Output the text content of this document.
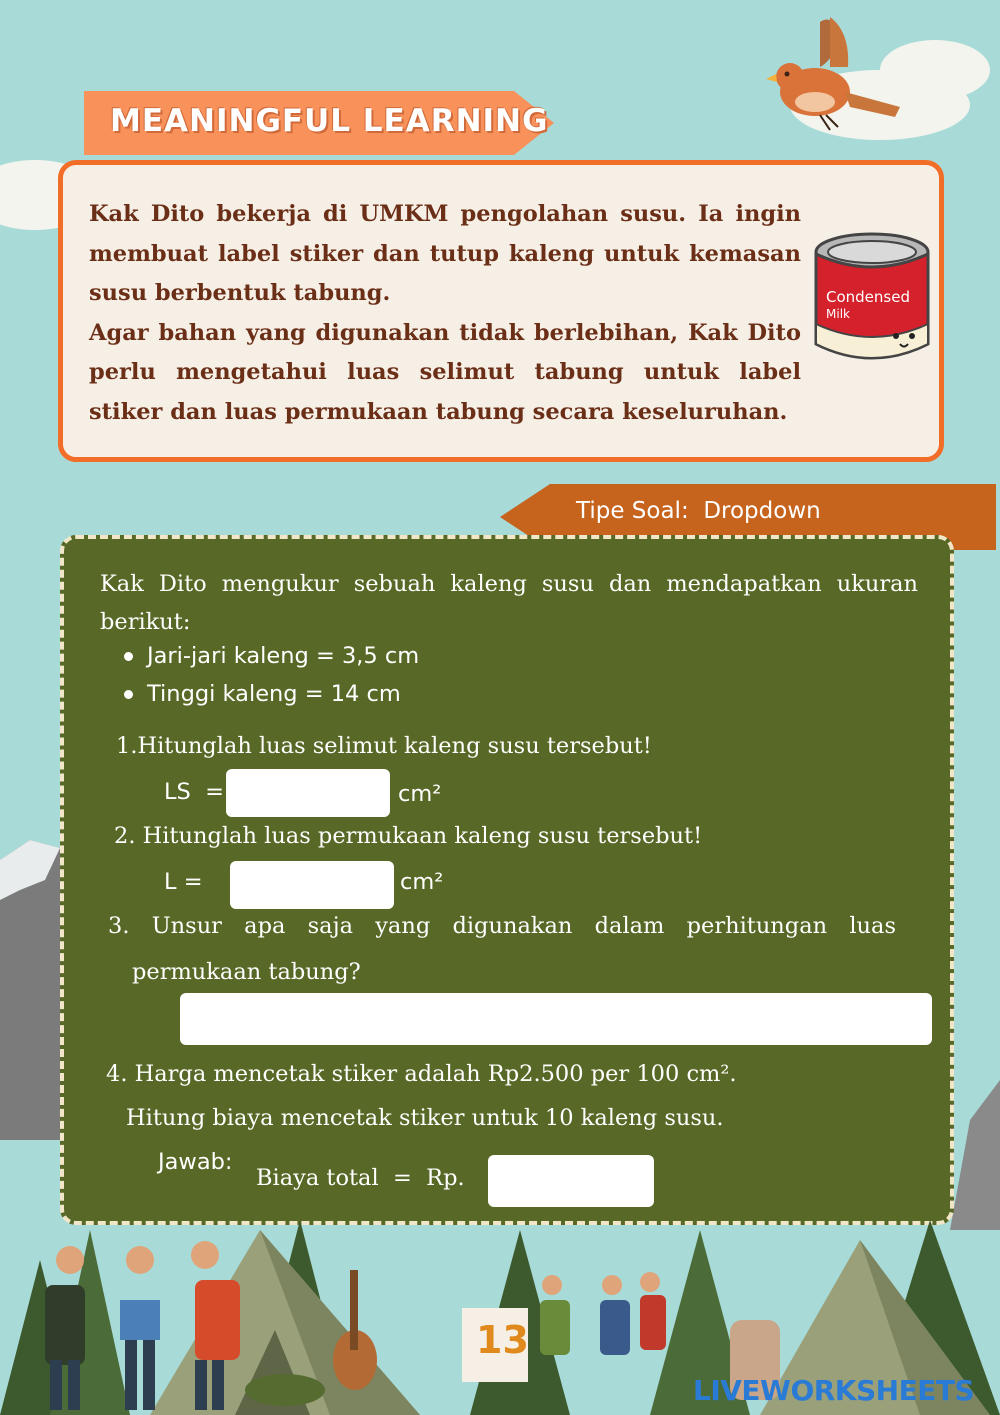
MEANINGFUL LEARNING

Kak Dito bekerja di UMKM pengolahan susu. Ia ingin membuat label stiker dan tutup kaleng untuk kemasan susu berbentuk tabung.

Agar bahan yang digunakan tidak berlebihan, Kak Dito perlu mengetahui luas selimut tabung untuk label stiker dan luas permukaan tabung secara keseluruhan.

Condensed
Milk
Tipe Soal: Dropdown
Kak Dito mengukur sebuah kaleng susu dan mendapatkan ukuran berikut:
Jari-jari kaleng = 3,5 cm
Tinggi kaleng = 14 cm
1.Hitunglah luas selimut kaleng susu tersebut!
LS  =	cm²
2. Hitunglah luas permukaan kaleng susu tersebut!
L =	cm²
3. Unsur apa saja yang digunakan dalam perhitungan luas
permukaan tabung?
4. Harga mencetak stiker adalah Rp2.500 per 100 cm².
Hitung biaya mencetak stiker untuk 10 kaleng susu.
Jawab:
Biaya total  =  Rp.
13
LIVEWORKSHEETS
